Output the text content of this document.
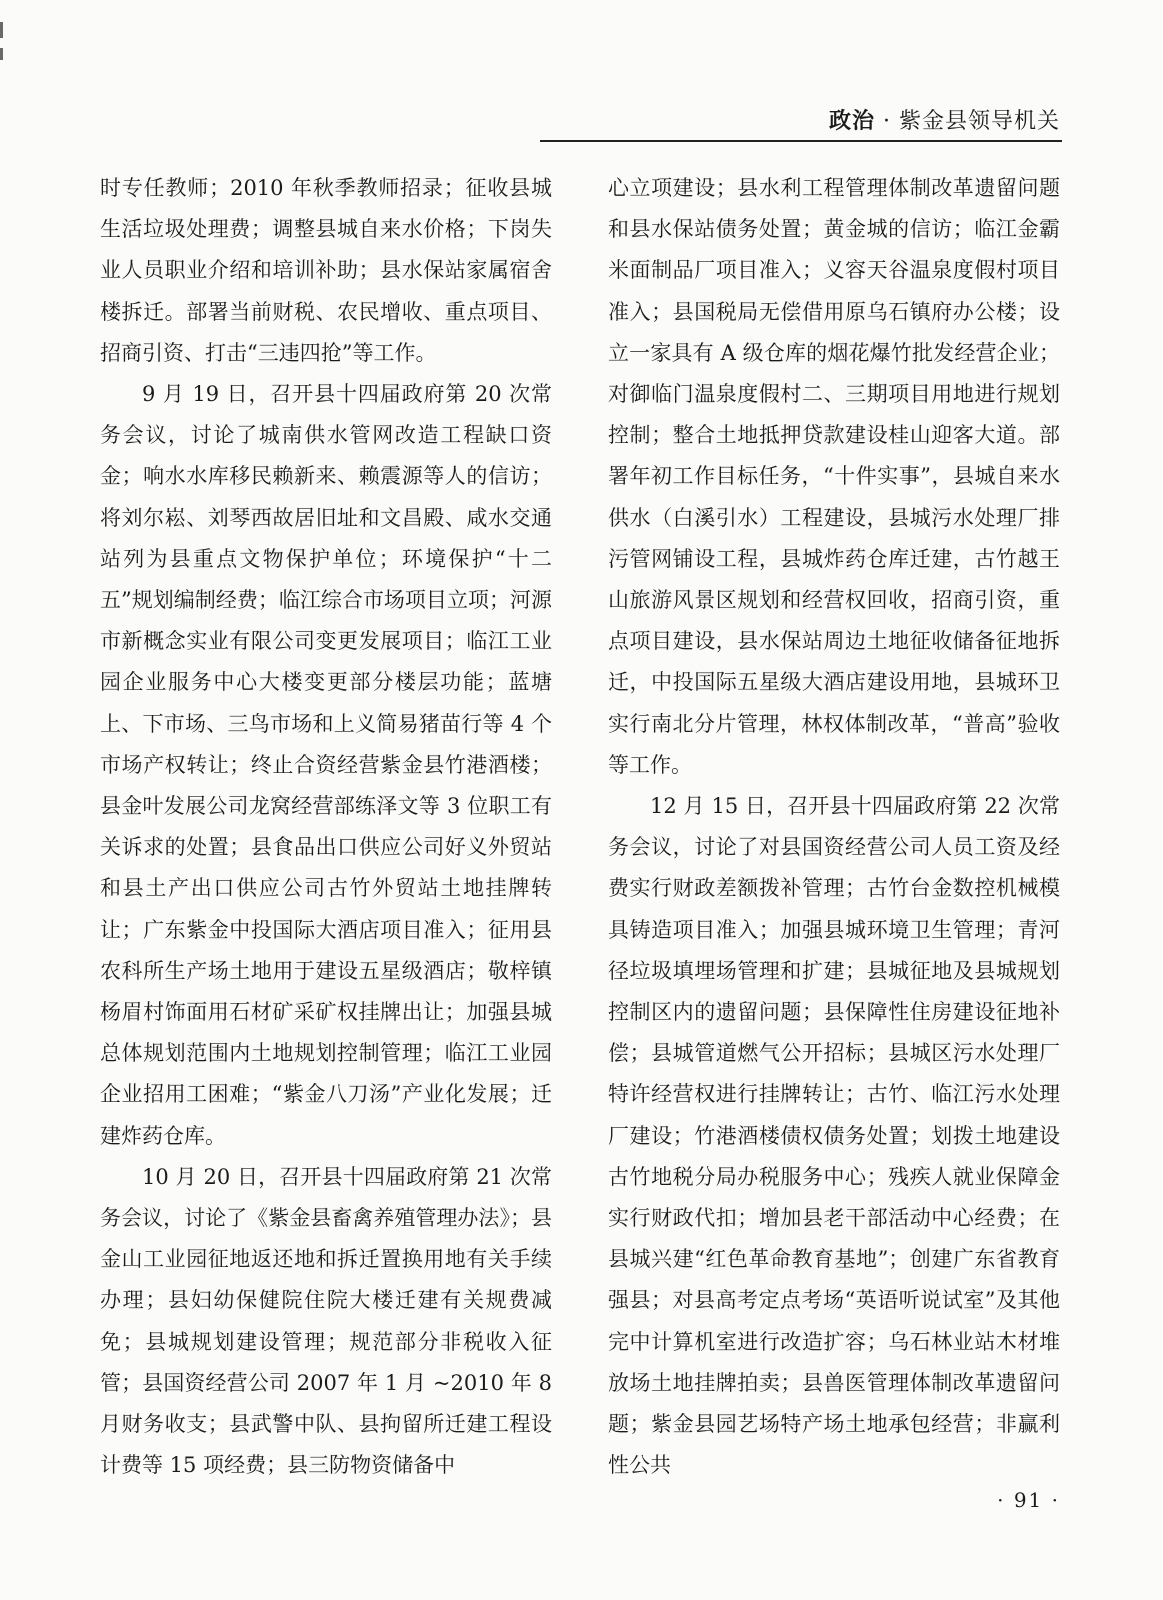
政治 · 紫金县领导机关

时专任教师；2010 年秋季教师招录；征收县城生活垃圾处理费；调整县城自来水价格；下岗失业人员职业介绍和培训补助；县水保站家属宿舍楼拆迁。部署当前财税、农民增收、重点项目、招商引资、打击“三违四抢”等工作。

9 月 19 日，召开县十四届政府第 20 次常务会议，讨论了城南供水管网改造工程缺口资金；响水水库移民赖新来、赖震源等人的信访；将刘尔崧、刘琴西故居旧址和文昌殿、咸水交通站列为县重点文物保护单位；环境保护“十二五”规划编制经费；临江综合市场项目立项；河源市新概念实业有限公司变更发展项目；临江工业园企业服务中心大楼变更部分楼层功能；蓝塘上、下市场、三鸟市场和上义简易猪苗行等 4 个市场产权转让；终止合资经营紫金县竹港酒楼；县金叶发展公司龙窝经营部练泽文等 3 位职工有关诉求的处置；县食品出口供应公司好义外贸站和县土产出口供应公司古竹外贸站土地挂牌转让；广东紫金中投国际大酒店项目准入；征用县农科所生产场土地用于建设五星级酒店；敬梓镇杨眉村饰面用石材矿采矿权挂牌出让；加强县城总体规划范围内土地规划控制管理；临江工业园企业招用工困难；“紫金八刀汤”产业化发展；迁建炸药仓库。

10 月 20 日，召开县十四届政府第 21 次常务会议，讨论了《紫金县畜禽养殖管理办法》；县金山工业园征地返还地和拆迁置换用地有关手续办理；县妇幼保健院住院大楼迁建有关规费减免；县城规划建设管理；规范部分非税收入征管；县国资经营公司 2007 年 1 月 ~2010 年 8 月财务收支；县武警中队、县拘留所迁建工程设计费等 15 项经费；县三防物资储备中

心立项建设；县水利工程管理体制改革遗留问题和县水保站债务处置；黄金城的信访；临江金霸米面制品厂项目准入；义容天谷温泉度假村项目准入；县国税局无偿借用原乌石镇府办公楼；设立一家具有 A 级仓库的烟花爆竹批发经营企业；对御临门温泉度假村二、三期项目用地进行规划控制；整合土地抵押贷款建设桂山迎客大道。部署年初工作目标任务，“十件实事”，县城自来水供水（白溪引水）工程建设，县城污水处理厂排污管网铺设工程，县城炸药仓库迁建，古竹越王山旅游风景区规划和经营权回收，招商引资，重点项目建设，县水保站周边土地征收储备征地拆迁，中投国际五星级大酒店建设用地，县城环卫实行南北分片管理，林权体制改革，“普高”验收等工作。

12 月 15 日，召开县十四届政府第 22 次常务会议，讨论了对县国资经营公司人员工资及经费实行财政差额拨补管理；古竹台金数控机械模具铸造项目准入；加强县城环境卫生管理；青河径垃圾填埋场管理和扩建；县城征地及县城规划控制区内的遗留问题；县保障性住房建设征地补偿；县城管道燃气公开招标；县城区污水处理厂特许经营权进行挂牌转让；古竹、临江污水处理厂建设；竹港酒楼债权债务处置；划拨土地建设古竹地税分局办税服务中心；残疾人就业保障金实行财政代扣；增加县老干部活动中心经费；在县城兴建“红色革命教育基地”；创建广东省教育强县；对县高考定点考场“英语听说试室”及其他完中计算机室进行改造扩容；乌石林业站木材堆放场土地挂牌拍卖；县兽医管理体制改革遗留问题；紫金县园艺场特产场土地承包经营；非赢利性公共

· 91 ·
